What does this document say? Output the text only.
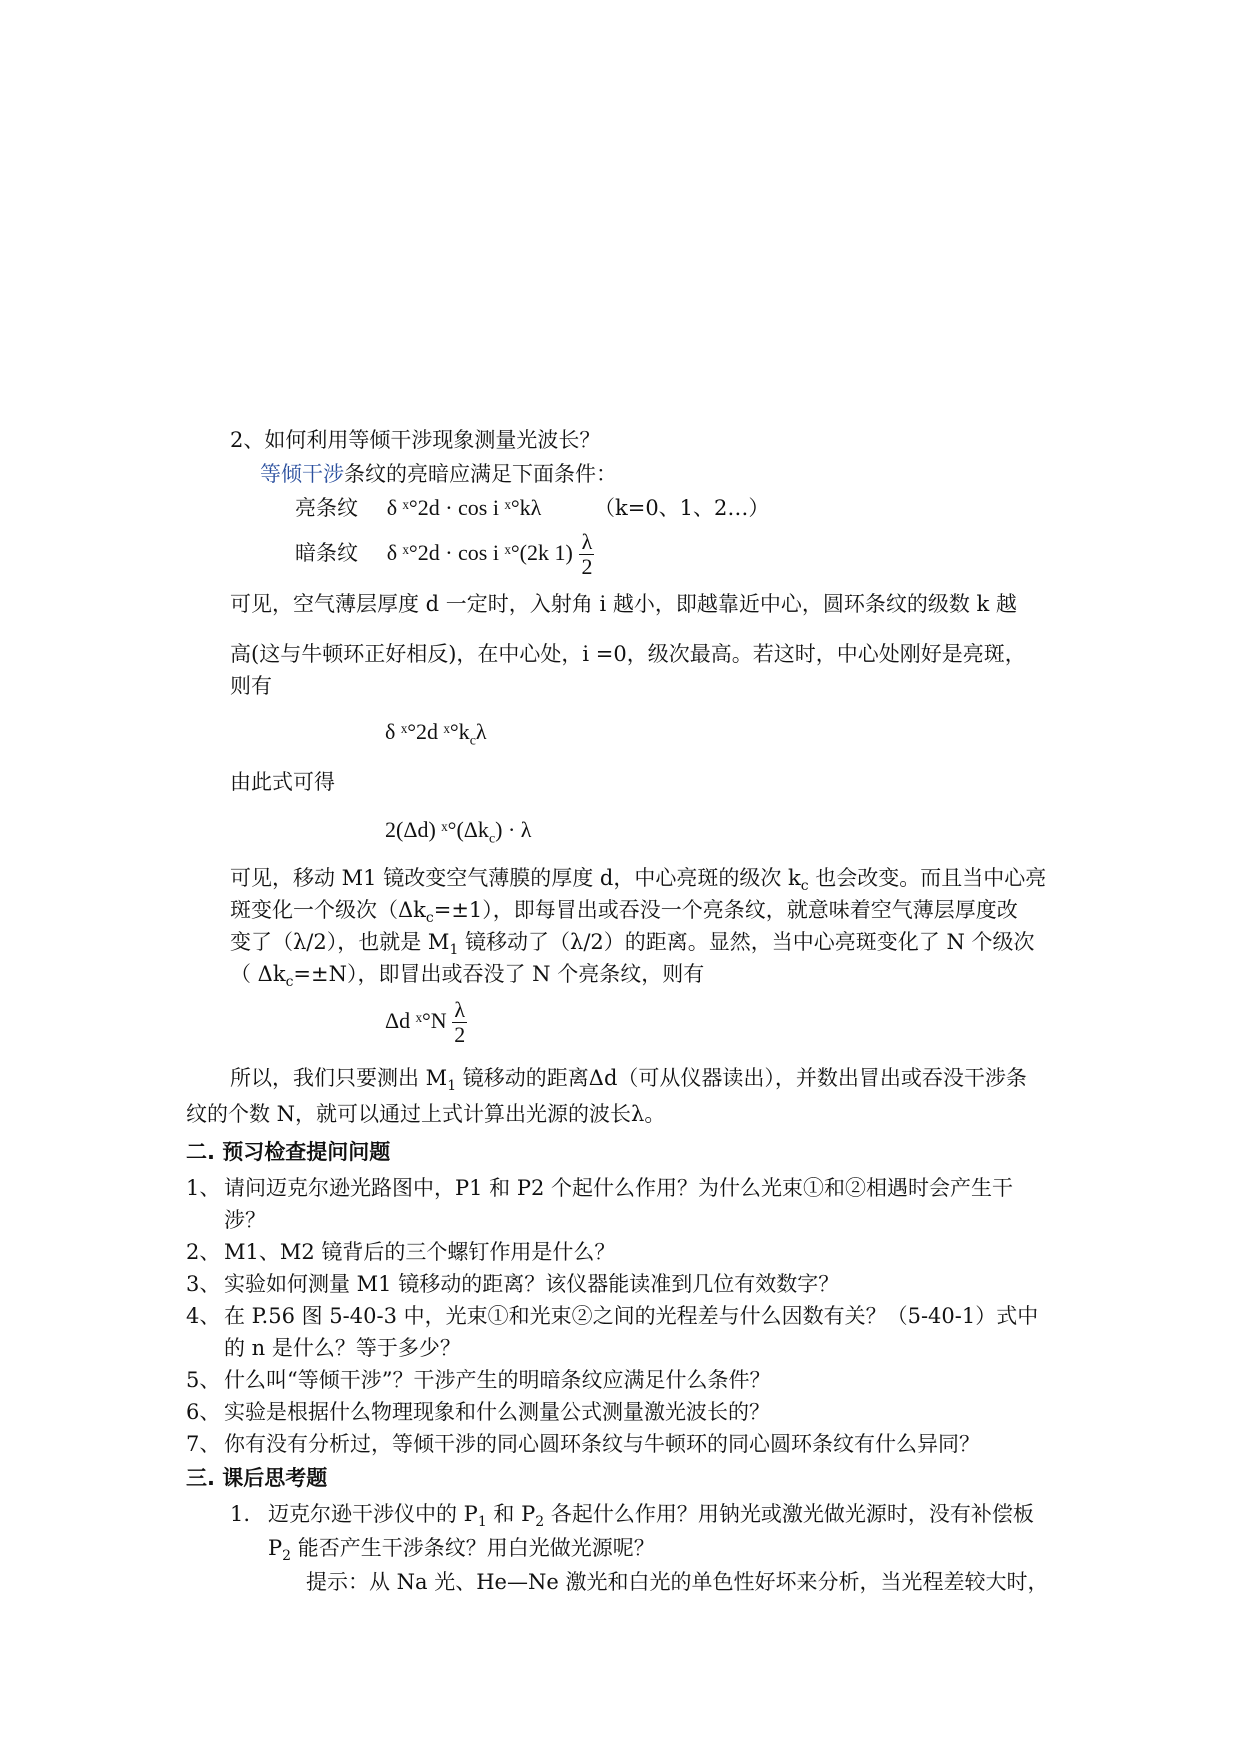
2、如何利用等倾干涉现象测量光波长？
等倾干涉条纹的亮暗应满足下面条件：
亮条纹 δ ˣ°2d · cos i ˣ°kλ	（k=0、1、2…）
暗条纹 δ ˣ°2d · cos i ˣ°(2k $1) \frac{\lambda}{2}$
可见，空气薄层厚度 d 一定时，入射角 i 越小，即越靠近中心，圆环条纹的级数 k 越
高(这与牛顿环正好相反)，在中心处，i =0，级次最高。若这时，中心处刚好是亮斑，
则有
δ ˣ°2d $ˣ^\circ k_c\lambda$
由此式可得
2(Δd) $ˣ^\circ(\Delta k_c) \cdot \lambda$
可见，移动 M1 镜改变空气薄膜的厚度 d，中心亮斑的级次 $k_c$ 也会改变。而且当中心亮
斑变化一个级次$(\Delta k_c=\pm 1)$，即每冒出或吞没一个亮条纹，就意味着空气薄层厚度改
变了（λ/2），也就是 $M_1$ 镜移动了（λ/2）的距离。显然，当中心亮斑变化了 N 个级次
（ $\Delta k_c=\pm N$），即冒出或吞没了 N 个亮条纹，则有
Δd ˣ°N $\frac{\lambda}{2}$
所以，我们只要测出 $M_1$ 镜移动的距离Δd（可从仪器读出），并数出冒出或吞没干涉条
纹的个数 N，就可以通过上式计算出光源的波长λ。
二. 预习检查提问问题
1、 请问迈克尔逊光路图中，P1 和 P2 个起什么作用？为什么光束①和②相遇时会产生干
涉？
2、 M1、M2 镜背后的三个螺钉作用是什么？
3、 实验如何测量 M1 镜移动的距离？该仪器能读准到几位有效数字？
4、 在 P.56 图 5-40-3 中，光束①和光束②之间的光程差与什么因数有关？（5-40-1）式中
的 n 是什么？等于多少？
5、 什么叫“等倾干涉”？干涉产生的明暗条纹应满足什么条件？
6、 实验是根据什么物理现象和什么测量公式测量激光波长的？
7、 你有没有分析过，等倾干涉的同心圆环条纹与牛顿环的同心圆环条纹有什么异同？
三. 课后思考题
1. 迈克尔逊干涉仪中的 $P_1$ 和 $P_2$ 各起什么作用？用钠光或激光做光源时，没有补偿板
$P_2$ 能否产生干涉条纹？用白光做光源呢？
提示：从 Na 光、He—Ne 激光和白光的单色性好坏来分析，当光程差较大时，
